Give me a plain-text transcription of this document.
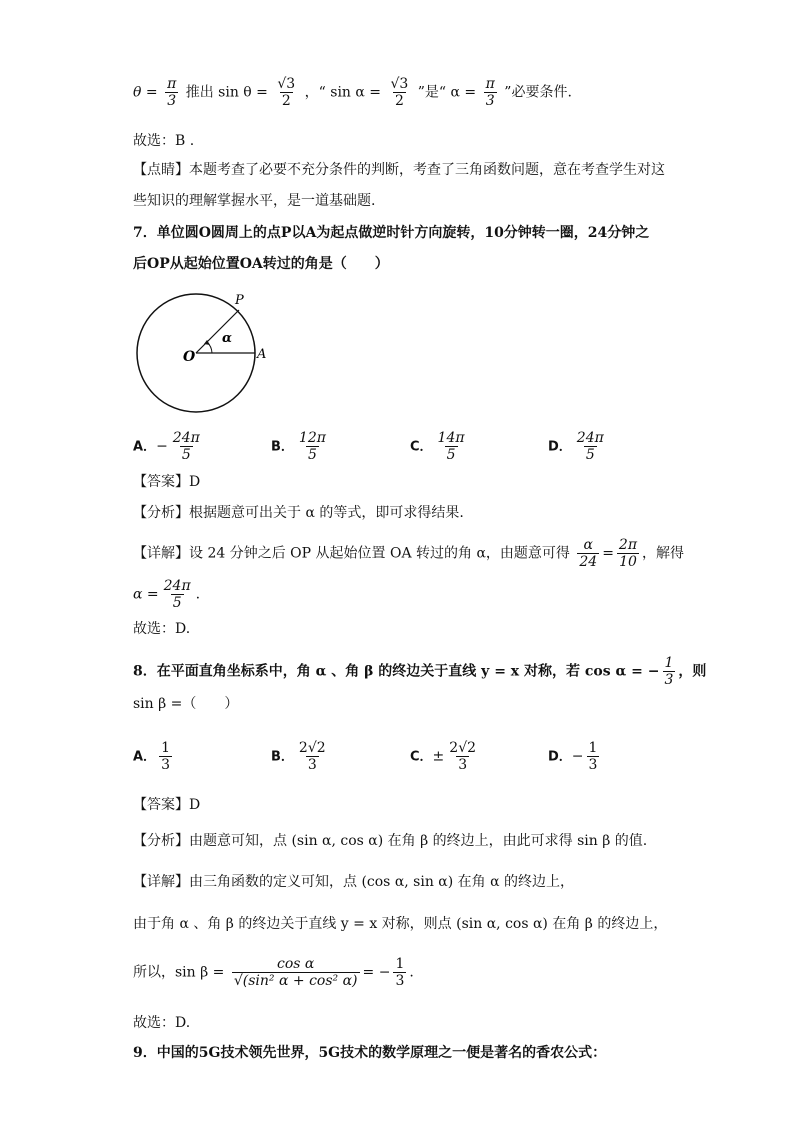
$\theta = \frac{\pi}{3}$ 推出 $\sin \theta = \frac{√3}{2}$ ，“ $\sin \alpha = \frac{√3}{2}$ ”是“ $\alpha = \frac{\pi}{3}$ ”必要条件.
故选：B .
【点睛】本题考查了必要不充分条件的判断，考查了三角函数问题，意在考查学生对这
些知识的理解掌握水平，是一道基础题.
7．单位圆O圆周上的点P以A为起点做逆时针方向旋转，10分钟转一圈，24分钟之
后OP从起始位置OA转过的角是（　　）
O	A
P
α
A．− $\frac{24\pi}{5}$	B． $\frac{12\pi}{5}$	C． $\frac{14\pi}{5}$	D． $\frac{24\pi}{5}$
【答案】D
【分析】根据题意可出关于 α 的等式，即可求得结果.
【详解】设 24 分钟之后 OP 从起始位置 OA 转过的角 α，由题意可得 $\frac{\alpha}{24} = \frac{2\pi}{10}$ ，解得
$\alpha = \frac{24\pi}{5}$ .
故选：D.
8．在平面直角坐标系中，角 α 、角 β 的终边关于直线 y = x 对称，若 cos α = − $\frac{1}{3}$ ，则
sin β =（　　）
A． $\frac{1}{3}$	B． $\frac{2√2}{3}$	C．± $\frac{2√2}{3}$	D．− $\frac{1}{3}$
【答案】D
【分析】由题意可知，点 (sin α, cos α) 在角 β 的终边上，由此可求得 sin β 的值.
【详解】由三角函数的定义可知，点 (cos α, sin α) 在角 α 的终边上，
由于角 α 、角 β 的终边关于直线 y = x 对称，则点 (sin α, cos α) 在角 β 的终边上，
所以，$\sin \beta = \frac{\text{cos α}}{\text{√(sin² α + cos² α)}}$ = − $\frac{1}{3}$ .
故选：D.
9．中国的5G技术领先世界，5G技术的数学原理之一便是著名的香农公式：
